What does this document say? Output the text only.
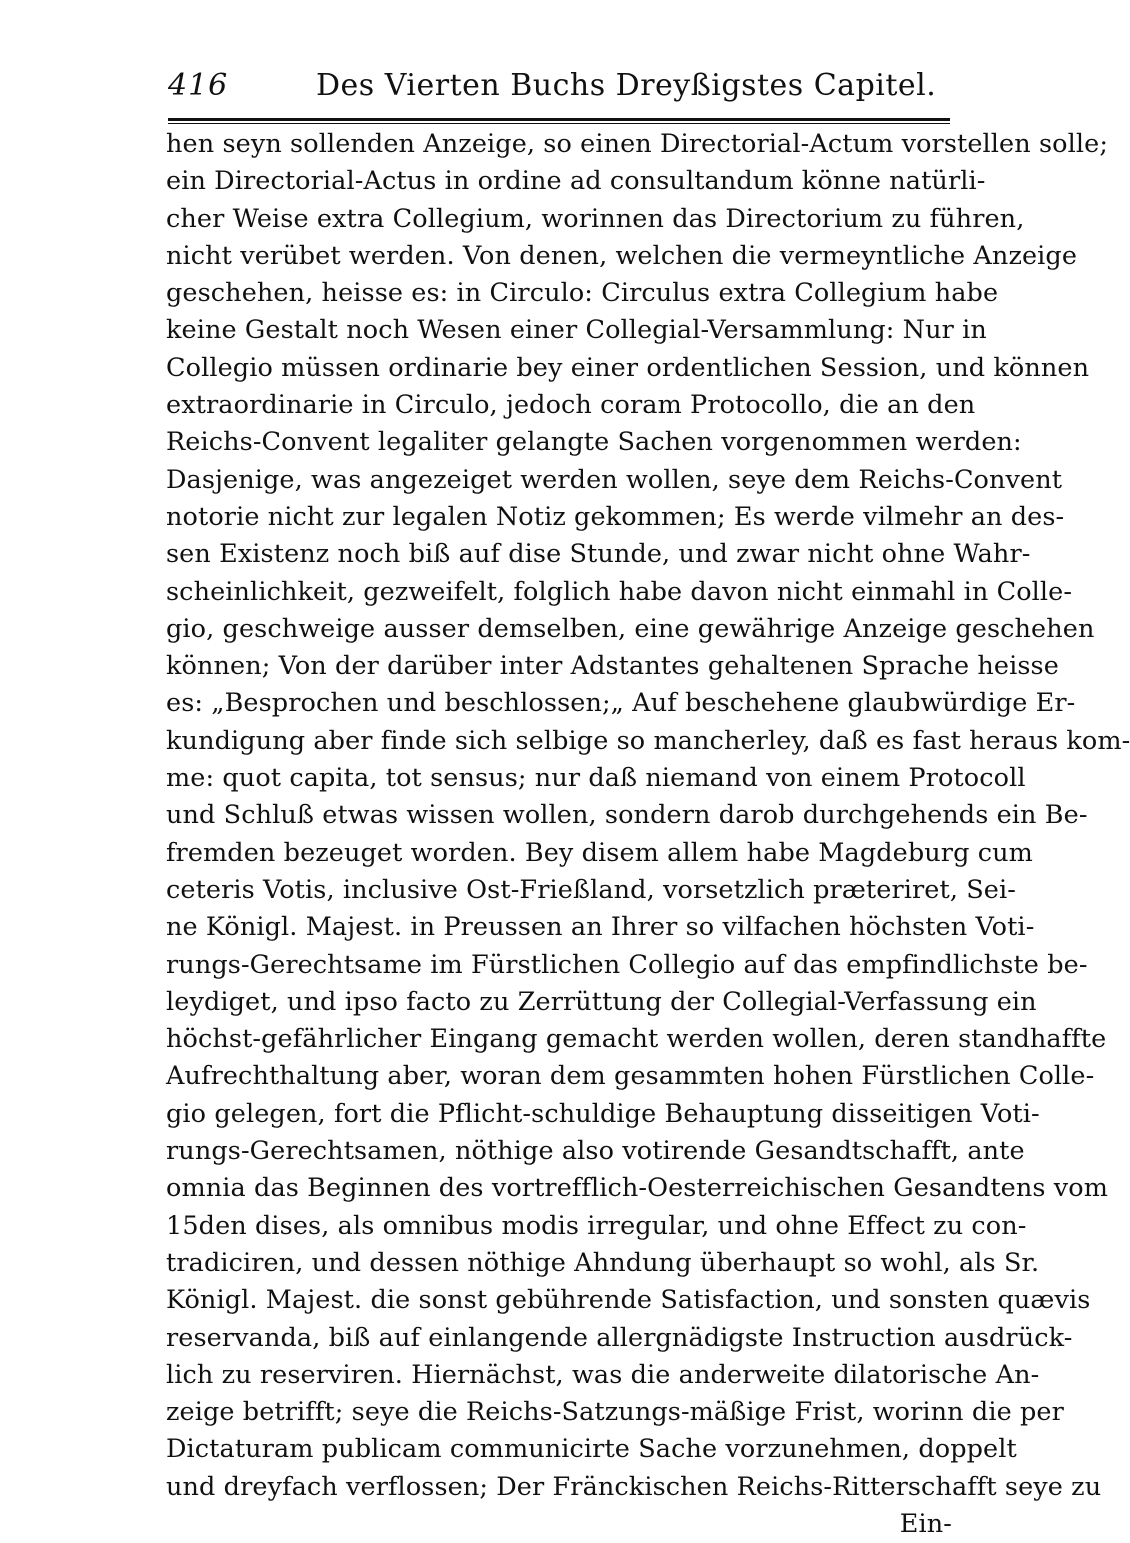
416	Des Vierten Buchs Dreyßigstes Capitel.
hen seyn sollenden Anzeige, so einen Directorial-Actum vorstellen solle;
ein Directorial-Actus in ordine ad consultandum könne natürli-
cher Weise extra Collegium, worinnen das Directorium zu führen,
nicht verübet werden. Von denen, welchen die vermeyntliche Anzeige
geschehen, heisse es: in Circulo: Circulus extra Collegium habe
keine Gestalt noch Wesen einer Collegial-Versammlung: Nur in
Collegio müssen ordinarie bey einer ordentlichen Session, und können
extraordinarie in Circulo, jedoch coram Protocollo, die an den
Reichs-Convent legaliter gelangte Sachen vorgenommen werden:
Dasjenige, was angezeiget werden wollen, seye dem Reichs-Convent
notorie nicht zur legalen Notiz gekommen; Es werde vilmehr an des-
sen Existenz noch biß auf dise Stunde, und zwar nicht ohne Wahr-
scheinlichkeit, gezweifelt, folglich habe davon nicht einmahl in Colle-
gio, geschweige ausser demselben, eine gewährige Anzeige geschehen
können; Von der darüber inter Adstantes gehaltenen Sprache heisse
es: „Besprochen und beschlossen;„ Auf beschehene glaubwürdige Er-
kundigung aber finde sich selbige so mancherley, daß es fast heraus kom-
me: quot capita, tot sensus; nur daß niemand von einem Protocoll
und Schluß etwas wissen wollen, sondern darob durchgehends ein Be-
fremden bezeuget worden. Bey disem allem habe Magdeburg cum
ceteris Votis, inclusive Ost-Frießland, vorsetzlich præteriret, Sei-
ne Königl. Majest. in Preussen an Ihrer so vilfachen höchsten Voti-
rungs-Gerechtsame im Fürstlichen Collegio auf das empfindlichste be-
leydiget, und ipso facto zu Zerrüttung der Collegial-Verfassung ein
höchst-gefährlicher Eingang gemacht werden wollen, deren standhaffte
Aufrechthaltung aber, woran dem gesammten hohen Fürstlichen Colle-
gio gelegen, fort die Pflicht-schuldige Behauptung disseitigen Voti-
rungs-Gerechtsamen, nöthige also votirende Gesandtschafft, ante
omnia das Beginnen des vortrefflich-Oesterreichischen Gesandtens vom
15den dises, als omnibus modis irregular, und ohne Effect zu con-
tradiciren, und dessen nöthige Ahndung überhaupt so wohl, als Sr.
Königl. Majest. die sonst gebührende Satisfaction, und sonsten quævis
reservanda, biß auf einlangende allergnädigste Instruction ausdrück-
lich zu reserviren. Hiernächst, was die anderweite dilatorische An-
zeige betrifft; seye die Reichs-Satzungs-mäßige Frist, worinn die per
Dictaturam publicam communicirte Sache vorzunehmen, doppelt
und dreyfach verflossen; Der Fränckischen Reichs-Ritterschafft seye zu
Ein-
